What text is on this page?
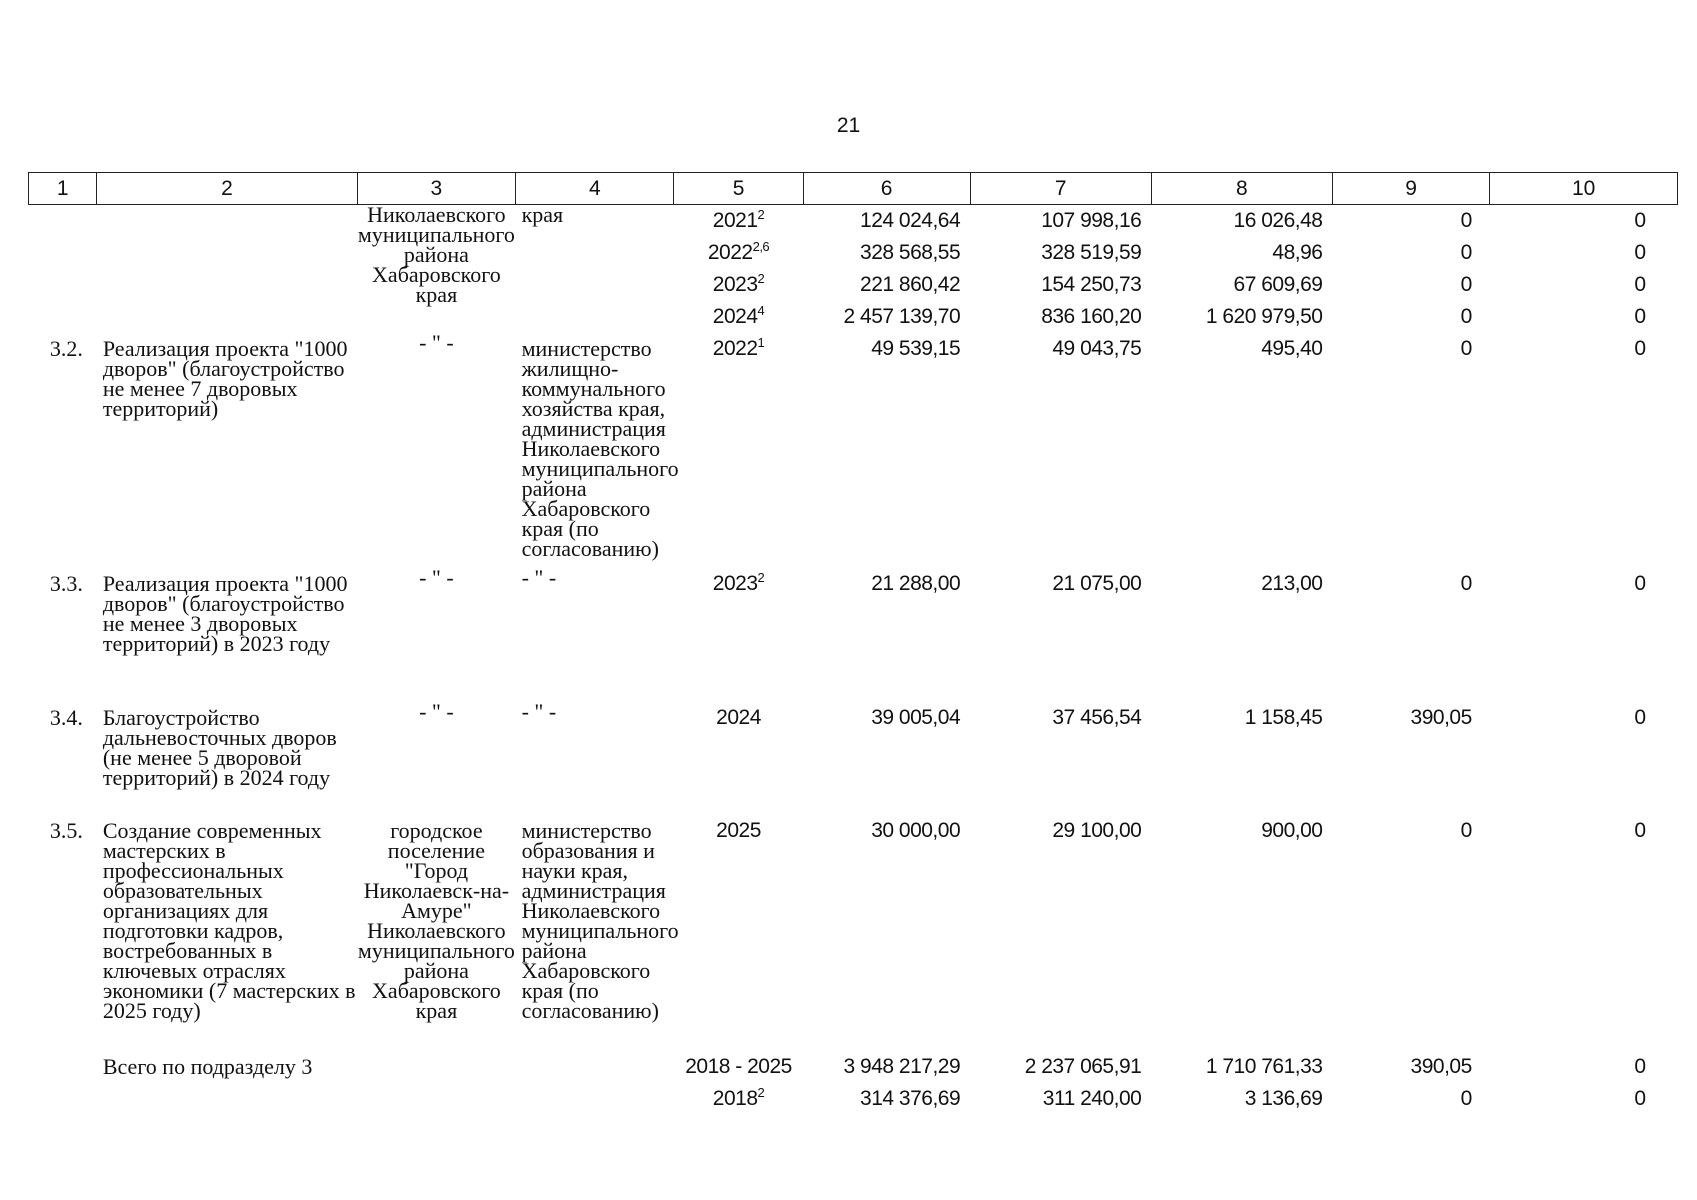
21
1	2	3	4	5	6	7	8	9	10
		Николаевского муниципального района Хабаровского края	края	2021$^2$	124 024,64	107 998,16	16 026,48	0	0
				2022$^{2,6}$	328 568,55	328 519,59	48,96	0	0
				2023$^2$	221 860,42	154 250,73	67 609,69	0	0
				2024$^4$	2 457 139,70	836 160,20	1 620 979,50	0	0
3.2.	Реализация проекта "1000 дворов" (благоустройство не менее 7 дворовых территорий)	- " -	министерство жилищно-коммунального хозяйства края, администрация Николаевского муниципального района Хабаровского края (по согласованию)	2022$^1$	49 539,15	49 043,75	495,40	0	0
3.3.	Реализация проекта "1000 дворов" (благоустройство не менее 3 дворовых территорий) в 2023 году	- " -	- " -	2023$^2$	21 288,00	21 075,00	213,00	0	0
3.4.	Благоустройство дальневосточных дворов (не менее 5 дворовой территорий) в 2024 году	- " -	- " -	2024	39 005,04	37 456,54	1 158,45	390,05	0
3.5.	Создание современных мастерских в профессиональных образовательных организациях для подготовки кадров, востребованных в ключевых отраслях экономики (7 мастерских в 2025 году)	городское поселение "Город Николаевск-на-Амуре" Николаевского муниципального района Хабаровского края	министерство образования и науки края, администрация Николаевского муниципального района Хабаровского края (по согласованию)	2025	30 000,00	29 100,00	900,00	0	0
	Всего по подразделу 3			2018 - 2025	3 948 217,29	2 237 065,91	1 710 761,33	390,05	0
				2018$^2$	314 376,69	311 240,00	3 136,69	0	0
